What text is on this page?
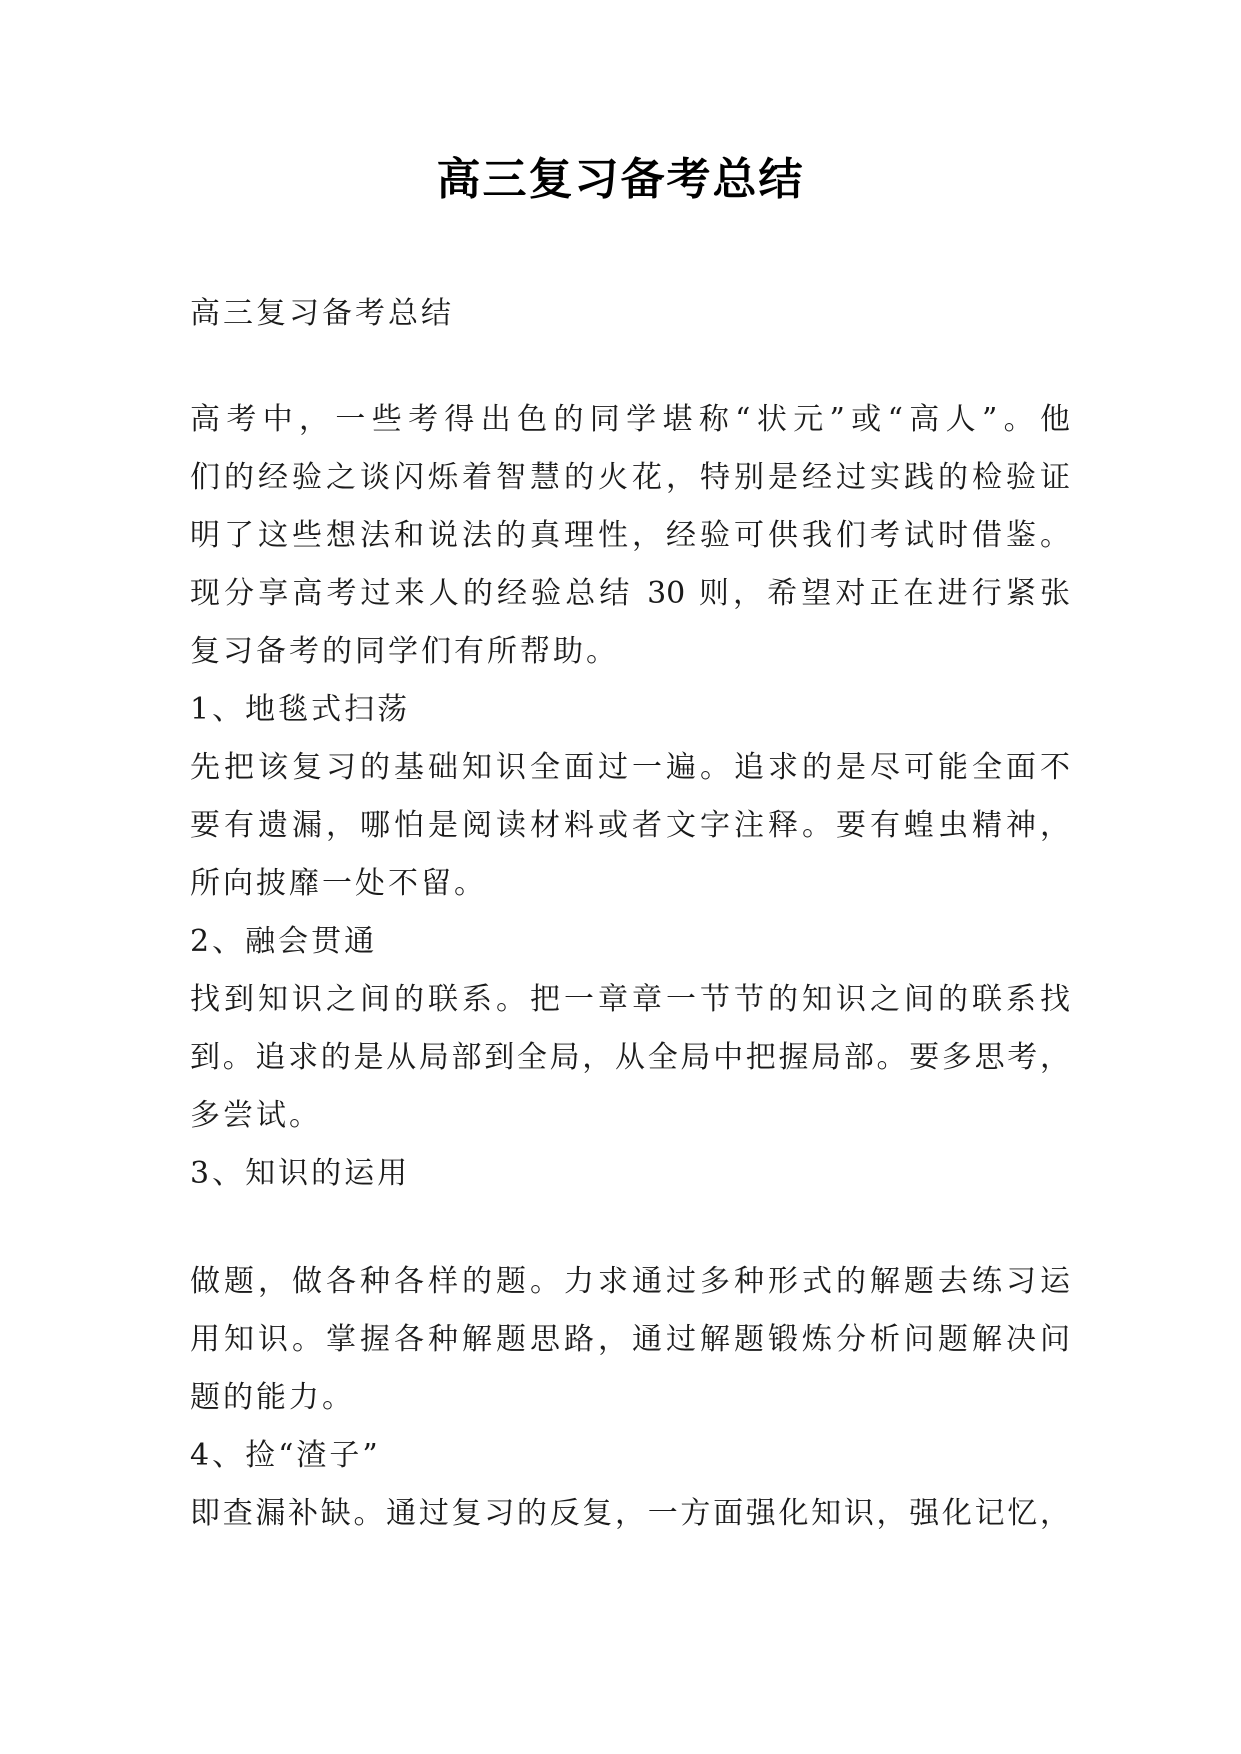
高三复习备考总结
高三复习备考总结
高考中，一些考得出色的同学堪称“状元”或“高人”。他
们的经验之谈闪烁着智慧的火花，特别是经过实践的检验证
明了这些想法和说法的真理性，经验可供我们考试时借鉴。
现分享高考过来人的经验总结 30 则，希望对正在进行紧张
复习备考的同学们有所帮助。
1、地毯式扫荡
先把该复习的基础知识全面过一遍。追求的是尽可能全面不
要有遗漏，哪怕是阅读材料或者文字注释。要有蝗虫精神，
所向披靡一处不留。
2、融会贯通
找到知识之间的联系。把一章章一节节的知识之间的联系找
到。追求的是从局部到全局，从全局中把握局部。要多思考，
多尝试。
3、知识的运用
做题，做各种各样的题。力求通过多种形式的解题去练习运
用知识。掌握各种解题思路，通过解题锻炼分析问题解决问
题的能力。
4、捡“渣子”
即查漏补缺。通过复习的反复，一方面强化知识，强化记忆，
